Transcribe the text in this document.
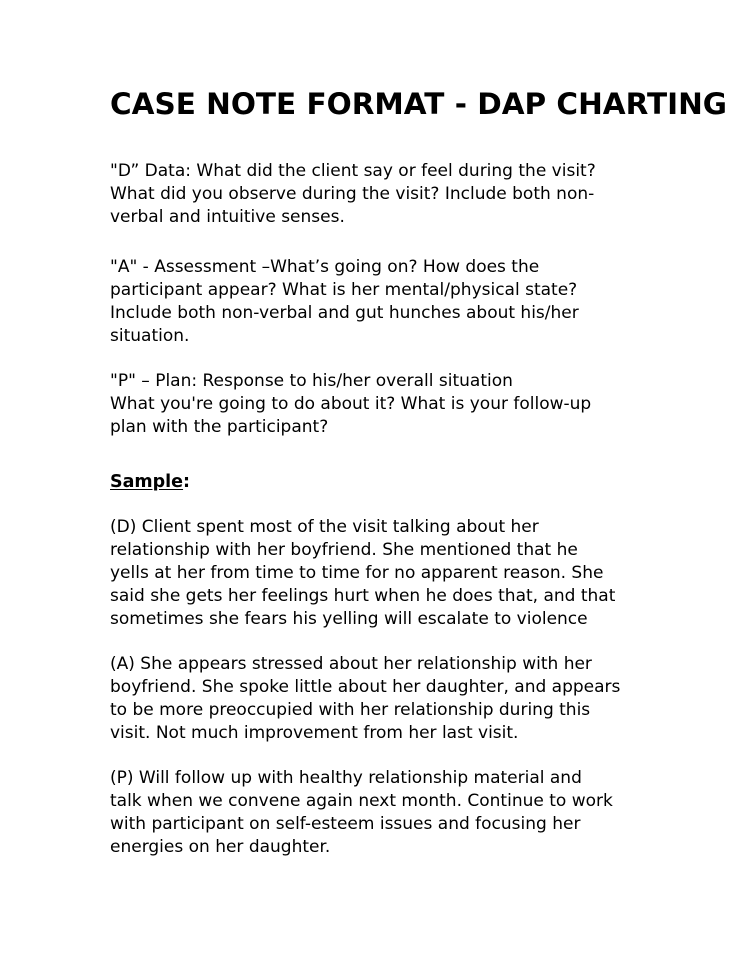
CASE NOTE FORMAT - DAP CHARTING
"D” Data: What did the client say or feel during the visit?
What did you observe during the visit? Include both non-
verbal and intuitive senses.
"A" - Assessment –What’s going on? How does the
participant appear? What is her mental/physical state?
Include both non-verbal and gut hunches about his/her
situation.
"P" – Plan: Response to his/her overall situation
What you're going to do about it? What is your follow-up
plan with the participant?
Sample:
(D) Client spent most of the visit talking about her
relationship with her boyfriend. She mentioned that he
yells at her from time to time for no apparent reason. She
said she gets her feelings hurt when he does that, and that
sometimes she fears his yelling will escalate to violence
(A) She appears stressed about her relationship with her
boyfriend. She spoke little about her daughter, and appears
to be more preoccupied with her relationship during this
visit. Not much improvement from her last visit.
(P) Will follow up with healthy relationship material and
talk when we convene again next month. Continue to work
with participant on self-esteem issues and focusing her
energies on her daughter.
